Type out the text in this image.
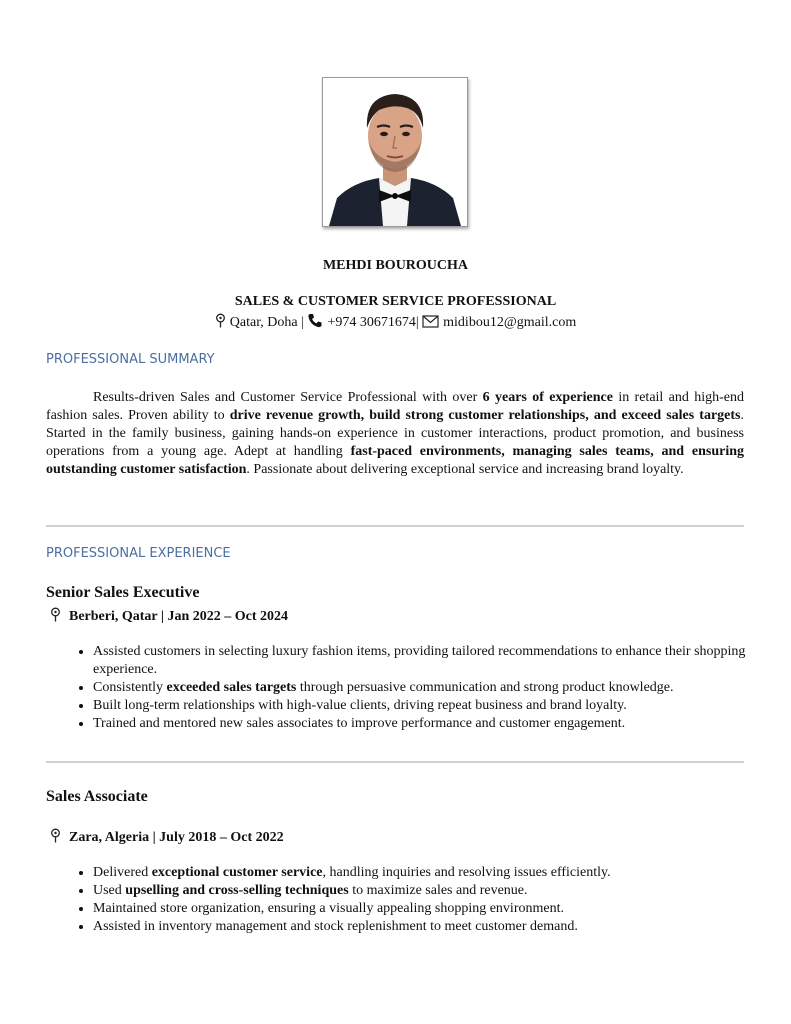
MEHDI BOUROUCHA
SALES & CUSTOMER SERVICE PROFESSIONAL
Qatar, Doha | +974 30671674| midibou12@gmail.com
PROFESSIONAL SUMMARY

Results-driven Sales and Customer Service Professional with over 6 years of experience in retail and high-end fashion sales. Proven ability to drive revenue growth, build strong customer relationships, and exceed sales targets. Started in the family business, gaining hands-on experience in customer interactions, product promotion, and business operations from a young age. Adept at handling fast-paced environments, managing sales teams, and ensuring outstanding customer satisfaction. Passionate about delivering exceptional service and increasing brand loyalty.

PROFESSIONAL EXPERIENCE
Senior Sales Executive
Berberi, Qatar | Jan 2022 – Oct 2024
• Assisted customers in selecting luxury fashion items, providing tailored recommendations to enhance their shopping experience.
• Consistently exceeded sales targets through persuasive communication and strong product knowledge.
• Built long-term relationships with high-value clients, driving repeat business and brand loyalty.
• Trained and mentored new sales associates to improve performance and customer engagement.
Sales Associate
Zara, Algeria | July 2018 – Oct 2022
• Delivered exceptional customer service, handling inquiries and resolving issues efficiently.
• Used upselling and cross-selling techniques to maximize sales and revenue.
• Maintained store organization, ensuring a visually appealing shopping environment.
• Assisted in inventory management and stock replenishment to meet customer demand.
